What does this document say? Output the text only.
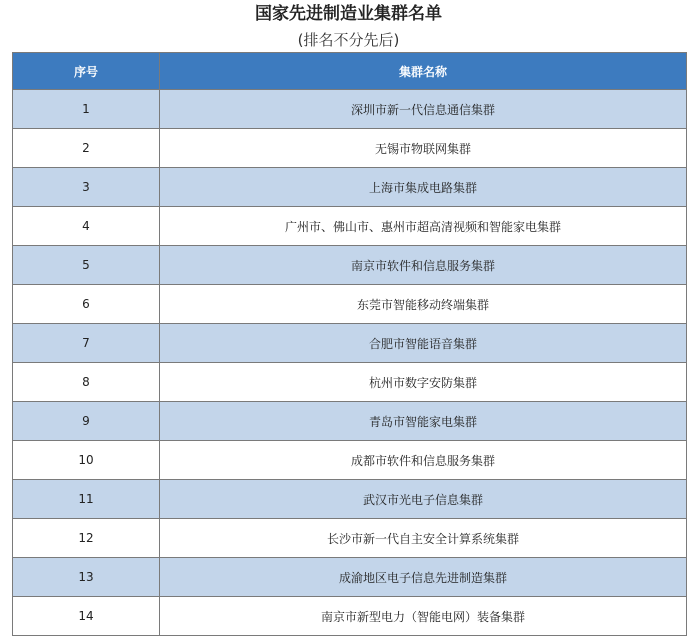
国家先进制造业集群名单
(排名不分先后)
序号	集群名称
1	深圳市新一代信息通信集群
2	无锡市物联网集群
3	上海市集成电路集群
4	广州市、佛山市、惠州市超高清视频和智能家电集群
5	南京市软件和信息服务集群
6	东莞市智能移动终端集群
7	合肥市智能语音集群
8	杭州市数字安防集群
9	青岛市智能家电集群
10	成都市软件和信息服务集群
11	武汉市光电子信息集群
12	长沙市新一代自主安全计算系统集群
13	成渝地区电子信息先进制造集群
14	南京市新型电力（智能电网）装备集群
